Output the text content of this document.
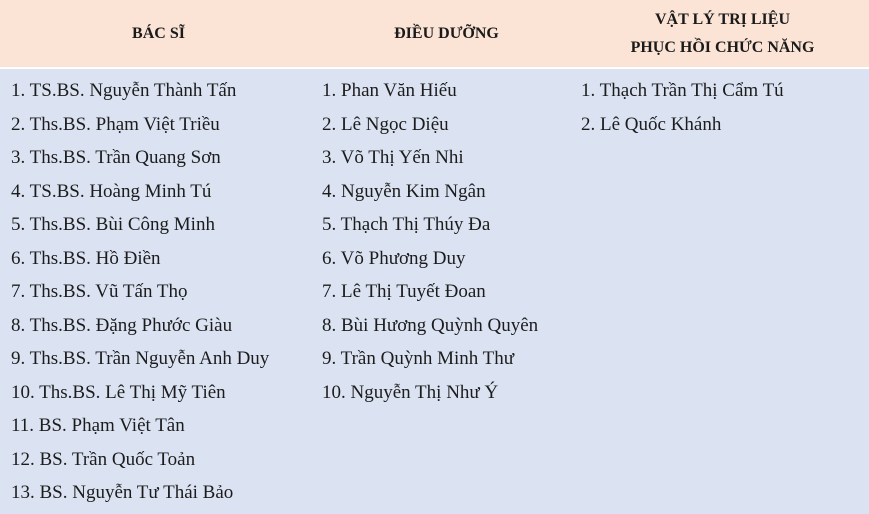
BÁC SĨ	ĐIỀU DƯỠNG
VẬT LÝ TRỊ LIỆU
PHỤC HỒI CHỨC NĂNG
1. TS.BS. Nguyễn Thành Tấn
2. Ths.BS. Phạm Việt Triều
3. Ths.BS. Trần Quang Sơn
4. TS.BS. Hoàng Minh Tú
5. Ths.BS. Bùi Công Minh
6. Ths.BS. Hồ Điền
7. Ths.BS. Vũ Tấn Thọ
8. Ths.BS. Đặng Phước Giàu
9. Ths.BS. Trần Nguyễn Anh Duy
10. Ths.BS. Lê Thị Mỹ Tiên
11. BS. Phạm Việt Tân
12. BS. Trần Quốc Toản
13. BS. Nguyễn Tư Thái Bảo
1. Phan Văn Hiếu
2. Lê Ngọc Diệu
3. Võ Thị Yến Nhi
4. Nguyễn Kim Ngân
5. Thạch Thị Thúy Đa
6. Võ Phương Duy
7. Lê Thị Tuyết Đoan
8. Bùi Hương Quỳnh Quyên
9. Trần Quỳnh Minh Thư
10. Nguyễn Thị Như Ý
1. Thạch Trần Thị Cẩm Tú
2. Lê Quốc Khánh
